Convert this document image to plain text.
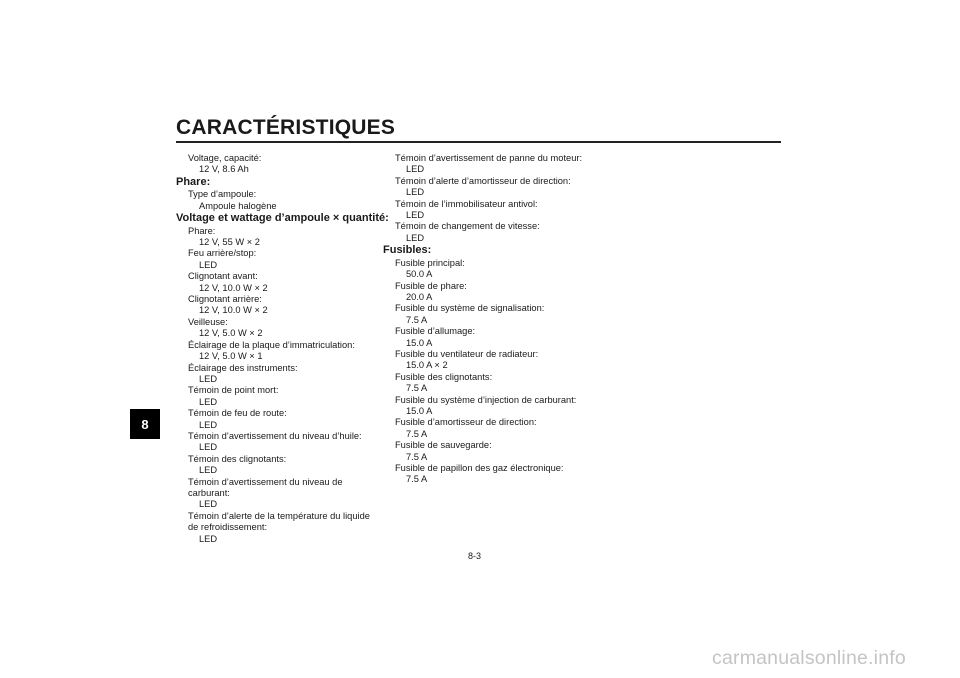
CARACTÉRISTIQUES
8
Voltage, capacité:
12 V, 8.6 Ah
Phare:
Type d’ampoule:
Ampoule halogène
Voltage et wattage d’ampoule × quantité:
Phare:
12 V, 55 W × 2
Feu arrière/stop:
LED
Clignotant avant:
12 V, 10.0 W × 2
Clignotant arrière:
12 V, 10.0 W × 2
Veilleuse:
12 V, 5.0 W × 2
Éclairage de la plaque d’immatriculation:
12 V, 5.0 W × 1
Éclairage des instruments:
LED
Témoin de point mort:
LED
Témoin de feu de route:
LED
Témoin d’avertissement du niveau d’huile:
LED
Témoin des clignotants:
LED
Témoin d’avertissement du niveau de
carburant:
LED
Témoin d’alerte de la température du liquide
de refroidissement:
LED
Témoin d’avertissement de panne du moteur:
LED
Témoin d’alerte d’amortisseur de direction:
LED
Témoin de l’immobilisateur antivol:
LED
Témoin de changement de vitesse:
LED
Fusibles:
Fusible principal:
50.0 A
Fusible de phare:
20.0 A
Fusible du système de signalisation:
7.5 A
Fusible d’allumage:
15.0 A
Fusible du ventilateur de radiateur:
15.0 A × 2
Fusible des clignotants:
7.5 A
Fusible du système d’injection de carburant:
15.0 A
Fusible d’amortisseur de direction:
7.5 A
Fusible de sauvegarde:
7.5 A
Fusible de papillon des gaz électronique:
7.5 A
8-3
carmanualsonline.info
